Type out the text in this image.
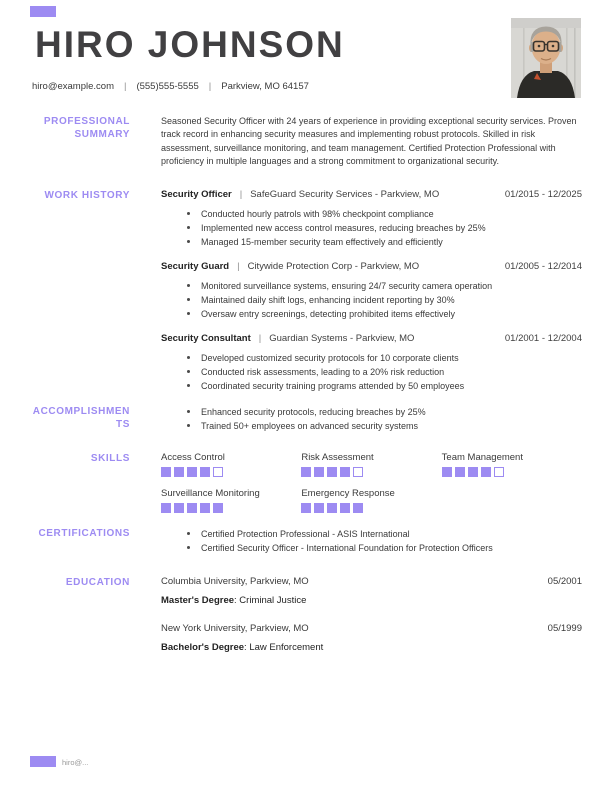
HIRO JOHNSON
hiro@example.com | (555)555-5555 | Parkview, MO 64157
PROFESSIONAL SUMMARY
Seasoned Security Officer with 24 years of experience in providing exceptional security services. Proven track record in enhancing security measures and implementing robust protocols. Skilled in risk assessment, surveillance monitoring, and team management. Certified Protection Professional with proficiency in multiple languages and a strong commitment to organizational security.
WORK HISTORY	Security Officer | SafeGuard Security Services - Parkview, MO	01/2015 - 12/2025
Conducted hourly patrols with 98% checkpoint compliance
Implemented new access control measures, reducing breaches by 25%
Managed 15-member security team effectively and efficiently
Security Guard | Citywide Protection Corp - Parkview, MO	01/2005 - 12/2014
Monitored surveillance systems, ensuring 24/7 security camera operation
Maintained daily shift logs, enhancing incident reporting by 30%
Oversaw entry screenings, detecting prohibited items effectively
Security Consultant | Guardian Systems - Parkview, MO	01/2001 - 12/2004
Developed customized security protocols for 10 corporate clients
Conducted risk assessments, leading to a 20% risk reduction
Coordinated security training programs attended by 50 employees
ACCOMPLISHMENTS
Enhanced security protocols, reducing breaches by 25%
Trained 50+ employees on advanced security systems
SKILLS	Access Control	Risk Assessment	Team Management
Surveillance Monitoring	Emergency Response
CERTIFICATIONS	Certified Protection Professional - ASIS International
Certified Security Officer - International Foundation for Protection Officers
EDUCATION	Columbia University, Parkview, MO	05/2001
Master's Degree: Criminal Justice
New York University, Parkview, MO	05/1999
Bachelor's Degree: Law Enforcement
hiro@...
